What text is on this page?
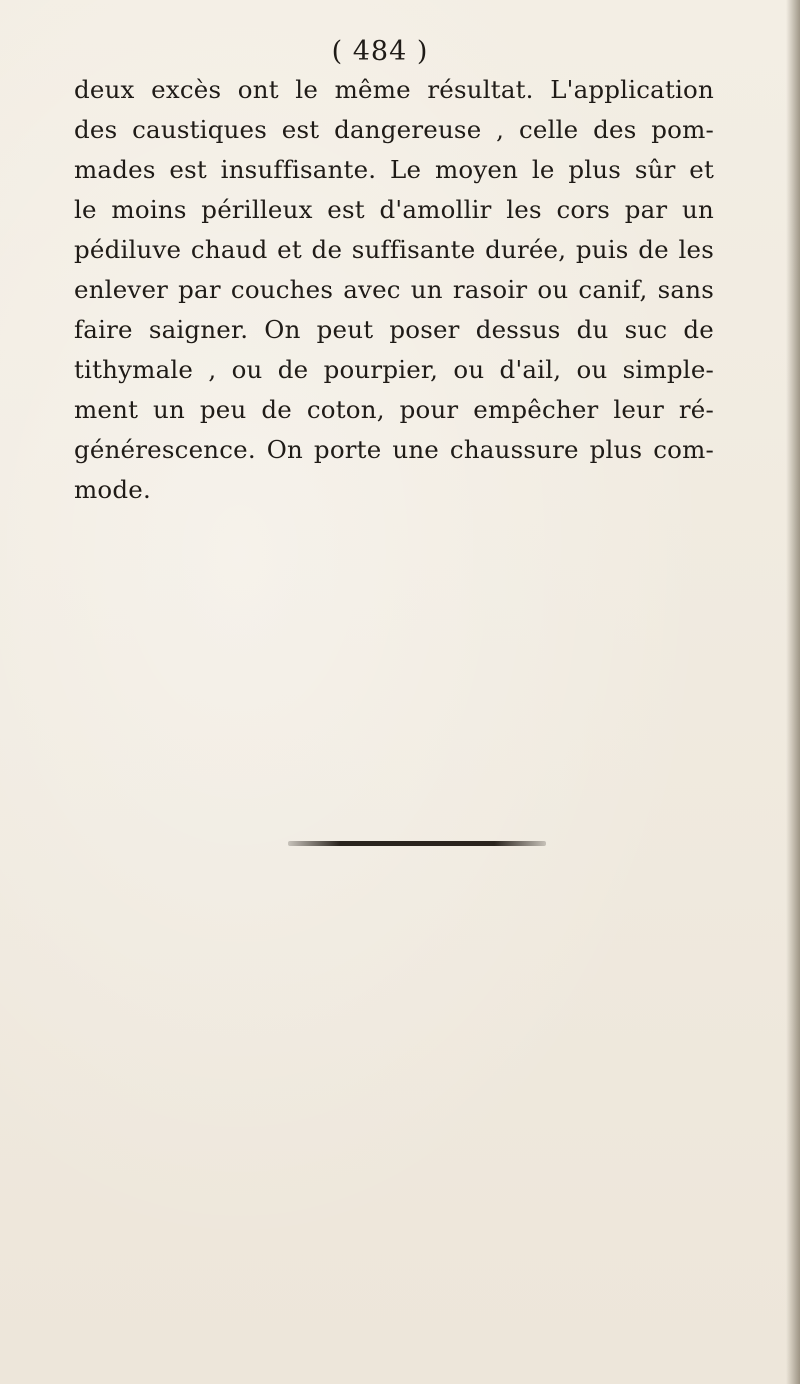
( 484 )
deux excès ont le même résultat. L'application
des caustiques est dangereuse , celle des pom-
mades est insuffisante. Le moyen le plus sûr et
le moins périlleux est d'amollir les cors par un
pédiluve chaud et de suffisante durée, puis de les
enlever par couches avec un rasoir ou canif, sans
faire saigner. On peut poser dessus du suc de
tithymale , ou de pourpier, ou d'ail, ou simple-
ment un peu de coton, pour empêcher leur ré-
générescence. On porte une chaussure plus com-
mode.
